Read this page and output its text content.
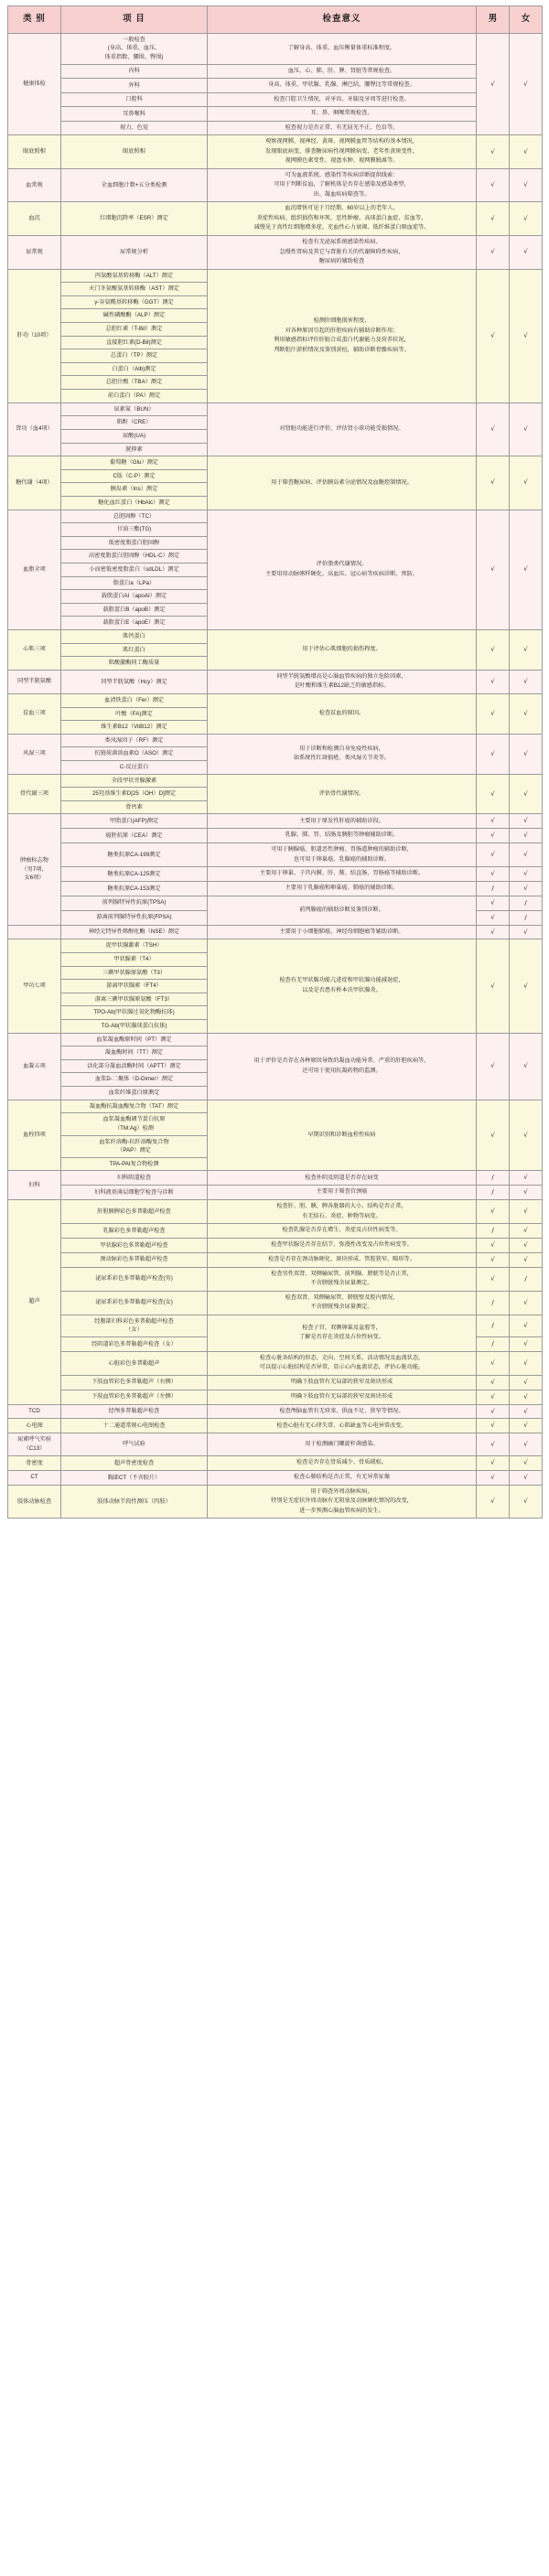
类 别	项 目	检查意义	男	女
健康体检	一般检查
(身高、体重、血压、
体重指数、腰围、臀围)	了解身高、体重、血压衡量体重标准程度。	√	√
	内科	血压、心、肺、肝、脾、肾脏等常规检查。		
	外科	身高、体重、甲状腺、乳腺、淋巴结、腰臀比等常规检查。		
	口腔科	检查口腔卫生情况，对牙齿、牙龈及牙周等进行检查。		
	耳鼻喉科	耳、鼻、咽喉常规检查。		
	视力、色觉	检查视力是否正常，有无屈光不正、色盲等。		
眼底照相	眼底照相	观察视网膜、视神经、黄斑、视网膜血管等结构的基本情况，
发现眼底病变，排查糖尿病性视网膜病变、老年性黄斑变性、
视网膜色素变性、视盘水肿、视网膜脱离等。	√	√
血常规	全血细胞计数+五分类检测	可为血液系统、感染性等疾病诊断提供线索：
可用于判断贫血，了解机体是否存在感染及感染类型，
出、凝血疾病筛查等。	√	√
血沉	红细胞沉降率（ESR）测定	血沉增快可见于月经期、60岁以上的老年人、
炎症性疾病、组织损伤和坏死、恶性肿瘤、高球蛋白血症、贫血等，
减慢见于真性红细胞增多症、充血性心力衰竭、低纤维蛋白原血症等。	√	√
尿常规	尿常规分析	检查有无泌尿系统感染性疾病、
急慢性肾病及其它与肾脏有关的代谢障碍性疾病，
糖尿病的辅助检查	√	√
肝功（10项）	丙氨酸氨基转移酶（ALT）测定	检测肝细胞损害程度，
对各种原因引起的肝胆疾病有辅助诊断作用；
利用敏感指标评价肝脏合成蛋白代谢能力及营养状况，
判断胆汁淤积情况及鉴别黄疸，辅助诊断骨骼疾病等。	√	√
	天门冬氨酸氨基转移酶（AST）测定			
	γ-谷氨酰基转移酶（GGT）测定			
	碱性磷酸酶（ALP）测定			
	总胆红素（T-Bil）测定			
	直接胆红素(D-Bil)测定			
	总蛋白（TP）测定			
	白蛋白（Alb)测定			
	总胆汁酸（TBA）测定			
	前白蛋白（PA）测定			
肾功（血4项）	尿素氮（BUN）	对肾脏功能进行评价，评估肾小球功能受损情况。	√	√
	肌酐（CRE）			
	尿酸(UA)			
	胱抑素			
糖代谢（4项）	葡萄糖（Glu）测定	用于筛查糖尿病、评估胰岛素分泌情况及血糖控制情况。	√	√
	C肽（C-P）测定			
	胰岛素（Ins）测定			
	糖化血红蛋白（HbAlc）测定			
血脂全项	总胆固醇（TC）	评价脂类代谢情况。
主要用用动脉粥样硬化、高血压、冠心病等疾病诊断、预防。	√	√
	甘油三酯(TG)			
	低密度脂蛋白胆固醇			
	高密度脂蛋白胆固醇（HDL-C）测定			
	小而密低密度脂蛋白（sdLDL）测定			
	脂蛋白a（LPa）			
	载脂蛋白AI（apoAI）测定			
	载脂蛋白B（apoB）测定			
	载脂蛋白E（apoE）测定			
心肌三项	肌钙蛋白	用于评估心肌细胞的损伤程度。	√	√
	肌红蛋白			
	肌酸激酶同工酶质量			
同型半胱氨酸	同型半胱氨酸（Hcy）测定	同型半胱氨酸增高是心脑血管疾病的独立危险因素，
是叶酸和维生素B12缺乏的敏感指标。	√	√
贫血三项	血清铁蛋白（Fer）测定	检查贫血的原因。	√	√
	叶酸（FA)测定			
	维生素B12（VitB12）测定			
风湿三项	类风湿因子（RF）测定	用于诊断和检测自身免疫性疾病，
如系统性红斑狼疮、类风湿关节炎等。	√	√
	抗链球菌溶血素O（ASO）测定			
	C-反应蛋白			
骨代谢三项	全段甲状旁腺激素	评估骨代谢情况。	√	√
	25羟基维生素D[25（OH）D]测定			
	骨钙素			
肿瘤标志物
（男7项、
女6项）	甲胎蛋白(AFP)测定	主要用于原发性肝癌的辅助诊段。	√	√
	癌胚抗原（CEA）测定	乳腺、肺、胃、结肠及胰胆等肿瘤辅助诊断。	√	√
	糖类抗原CA-199测定	可用于胰腺癌、胆道恶性肿瘤、胃肠道肿瘤的辅助诊断，
也可用于卵巢癌、乳腺癌的辅助诊断。	√	√
	糖类抗原CA-125测定	主要用于卵巢、子宫内膜、肝、肺、结直肠、胃肠癌等辅助诊断。	√	√
	糖类抗原CA-153测定	主要用于乳腺癌和卵巢癌、肺癌的辅助诊断。	/	√
	前列腺特异性抗原(TPSA)	前列腺癌的辅助诊断及鉴别诊断。	√	/
	游离前列腺特异性抗原(FPSA)		√	/
	神经元特异性烯醇化酶（NSE）测定	主要用于小细胞肺癌，神经母细胞瘤等辅助诊断。	√	√
甲功七项	促甲状腺激素（TSH）	检查有无甲状腺功能亢进症和甲状腺功能减退症，
以及是否患有桥本氏甲状腺炎。	√	√
	甲状腺素（T4）			
	三碘甲状腺原氨酸（T3）			
	游离甲状腺素（FT4）			
	游离三碘甲状腺原氨酸（FT3）			
	TPO-Ab(甲状腺过氧化物酶抗体)			
	TG-Ab(甲状腺球蛋白抗体)			
血凝五项	血浆凝血酶原时间（PT）测定	用于评价是否存在各种原因导致的凝血功能异常、严重的肝胆疾病等，
还可用于使用抗凝药物的监测。	√	√
	凝血酶时间（TT）测定			
	活化部分凝血活酶时间（APTT）测定			
	血浆D-二聚体（D-Dimer）测定			
	血浆纤维蛋白原测定			
血栓四项	凝血酶抗凝血酶复合物（TAT）测定	早期识别和诊断血栓性疾病	√	√
	血浆凝血酶调节蛋白抗原
（TM:Ag）检测			
	血浆纤溶酶-抗纤溶酶复合物
（PAP）测定			
	TPA-PAI复合物检测			
妇科	妇科阴道检查	检查外阴及阴道是否存在病变	/	√
	妇科液基薄层细胞学检查与诊断	主要用于筛查宫颈癌	/	√
超声	肝胆胰脾彩色多普勒超声检查	检查肝、胆、胰、脾各脏器的大小、结构是否正常，
有无结石、炎症、肿物等病变。	√	√
	乳腺彩色多普勒超声检查	检查乳腺是否存在增生、炎症及占位性病变等。	/	√
	甲状腺彩色多普勒超声检查	检查甲状腺是否存在结节、弥漫性改变及占位性病变等。	√	√
	颈动脉彩色多普勒超声检查	检查是否存在颈动脉硬化、斑块形成、管腔狭窄、畸形等。	√	√
	泌尿系彩色多普勒超声检查(男)	检查男性双肾、双侧输尿管、前列腺、膀胱等是否正常，
不含膀胱残余尿量测定。	√	/
	泌尿系彩色多普勒超声检查(女)	检查双肾、双侧输尿管、膀胱壁及腔内情况，
不含膀胱残余尿量测定。	/	√
	经腹部妇科彩色多普勒超声检查
（女）	检查子宫、双侧卵巢及盆腔等，
了解是否存在炎症及占位性病变。	/	√
	经阴道彩色多普勒超声检查（女）		/	√
	心脏彩色多普勒超声	检查心脏各结构的形态、走向、空间关系，活动情况及血流状态，
可以提示心脏结构是否异常，显示心内血流状态，评估心脏功能。	√	√
	下肢血管彩色多普勒超声（右侧）	明确下肢血管有无局部的狭窄及斑块形成	√	√
	下肢血管彩色多普勒超声（左侧）	明确下肢血管有无局部的狭窄及斑块形成	√	√
TCD	经颅多普勒超声检查	检查颅脑血管有无痉挛、供血不足、狭窄等情况。	√	√
心电图	十二通道常规心电图检查	检查心脏有无心律失常、心肌缺血等心电异常改变。	√	√
尿素呼气实验
（C13）	呼气试验	用于检测幽门螺旋杆菌感染。	√	√
骨密度	超声骨密度检查	检查是否存在骨质减少、骨质疏松。	√	√
CT	胸部CT（不含胶片）	检查心肺结构是否正常，有无异常征像	√	√
肢体动脉检查	肢体动脉节段性测压（四肢）	用于筛查外周动脉疾病，
特别是无症状外周动脉有无阻塞及动脉硬化情况的改变，
进一步预测心脑血管疾病的发生。	√	√
